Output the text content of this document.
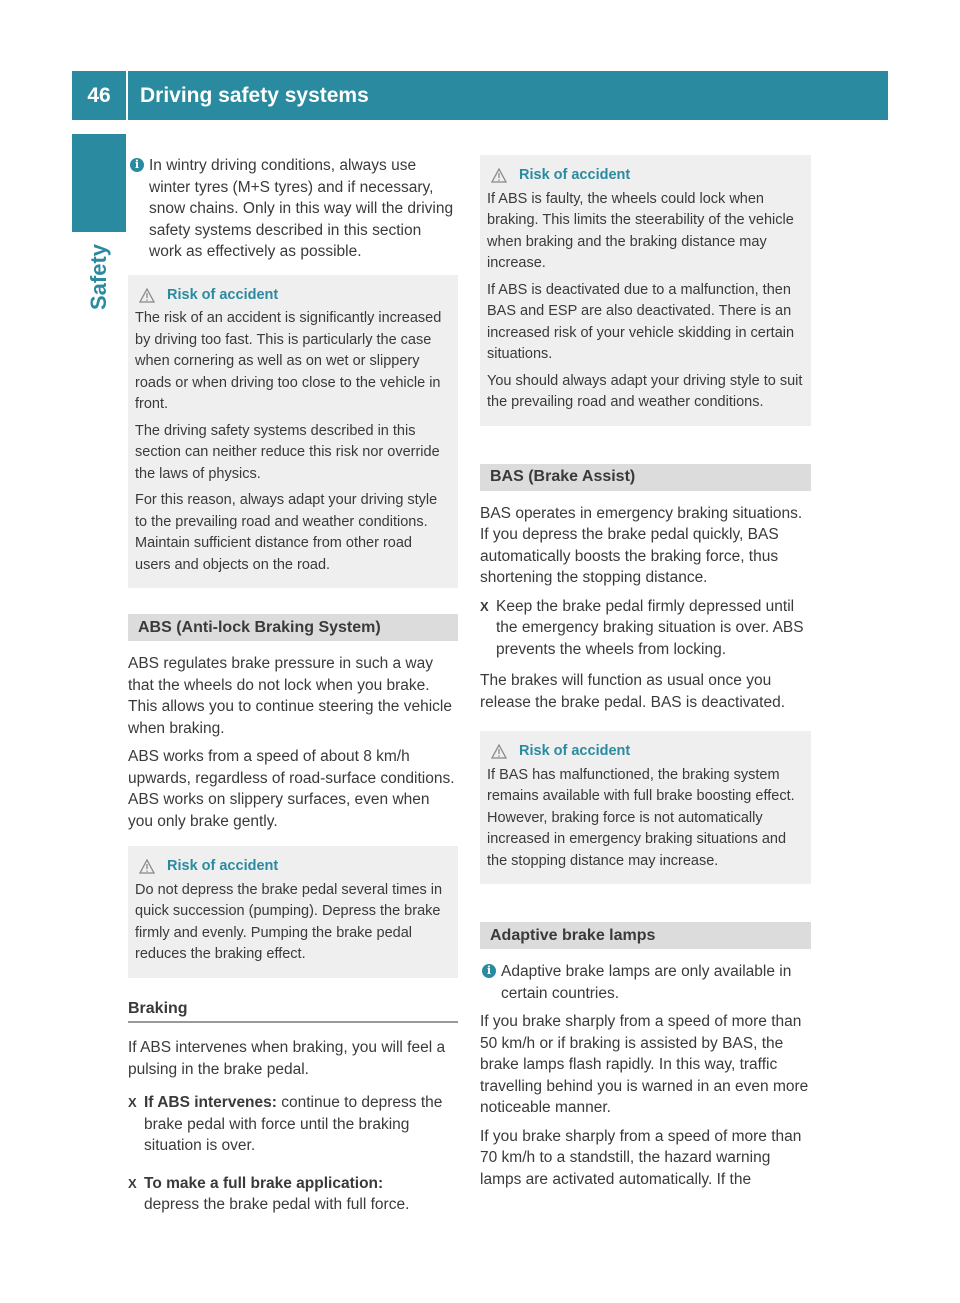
46	Driving safety systems
Safety
i In wintry driving conditions, always use winter tyres (M+S tyres) and if necessary, snow chains. Only in this way will the driving safety systems described in this section work as effectively as possible.
Risk of accident

The risk of an accident is significantly increased by driving too fast. This is particularly the case when cornering as well as on wet or slippery roads or when driving too close to the vehicle in front.

The driving safety systems described in this section can neither reduce this risk nor override the laws of physics.

For this reason, always adapt your driving style to the prevailing road and weather conditions. Maintain sufficient distance from other road users and objects on the road.

ABS (Anti-lock Braking System)

ABS regulates brake pressure in such a way that the wheels do not lock when you brake. This allows you to continue steering the vehicle when braking.

ABS works from a speed of about 8 km/h upwards, regardless of road-surface conditions. ABS works on slippery surfaces, even when you only brake gently.

Risk of accident

Do not depress the brake pedal several times in quick succession (pumping). Depress the brake firmly and evenly. Pumping the brake pedal reduces the braking effect.

Braking

If ABS intervenes when braking, you will feel a pulsing in the brake pedal.

X If ABS intervenes: continue to depress the brake pedal with force until the braking situation is over.
X To make a full brake application:
depress the brake pedal with full force.
Risk of accident

If ABS is faulty, the wheels could lock when braking. This limits the steerability of the vehicle when braking and the braking distance may increase.

If ABS is deactivated due to a malfunction, then BAS and ESP are also deactivated. There is an increased risk of your vehicle skidding in certain situations.

You should always adapt your driving style to suit the prevailing road and weather conditions.

BAS (Brake Assist)

BAS operates in emergency braking situations. If you depress the brake pedal quickly, BAS automatically boosts the braking force, thus shortening the stopping distance.

X Keep the brake pedal firmly depressed until the emergency braking situation is over. ABS prevents the wheels from locking.

The brakes will function as usual once you release the brake pedal. BAS is deactivated.

Risk of accident

If BAS has malfunctioned, the braking system remains available with full brake boosting effect. However, braking force is not automatically increased in emergency braking situations and the stopping distance may increase.

Adaptive brake lamps
i Adaptive brake lamps are only available in certain countries.

If you brake sharply from a speed of more than 50 km/h or if braking is assisted by BAS, the brake lamps flash rapidly. In this way, traffic travelling behind you is warned in an even more noticeable manner.

If you brake sharply from a speed of more than 70 km/h to a standstill, the hazard warning lamps are activated automatically. If the
